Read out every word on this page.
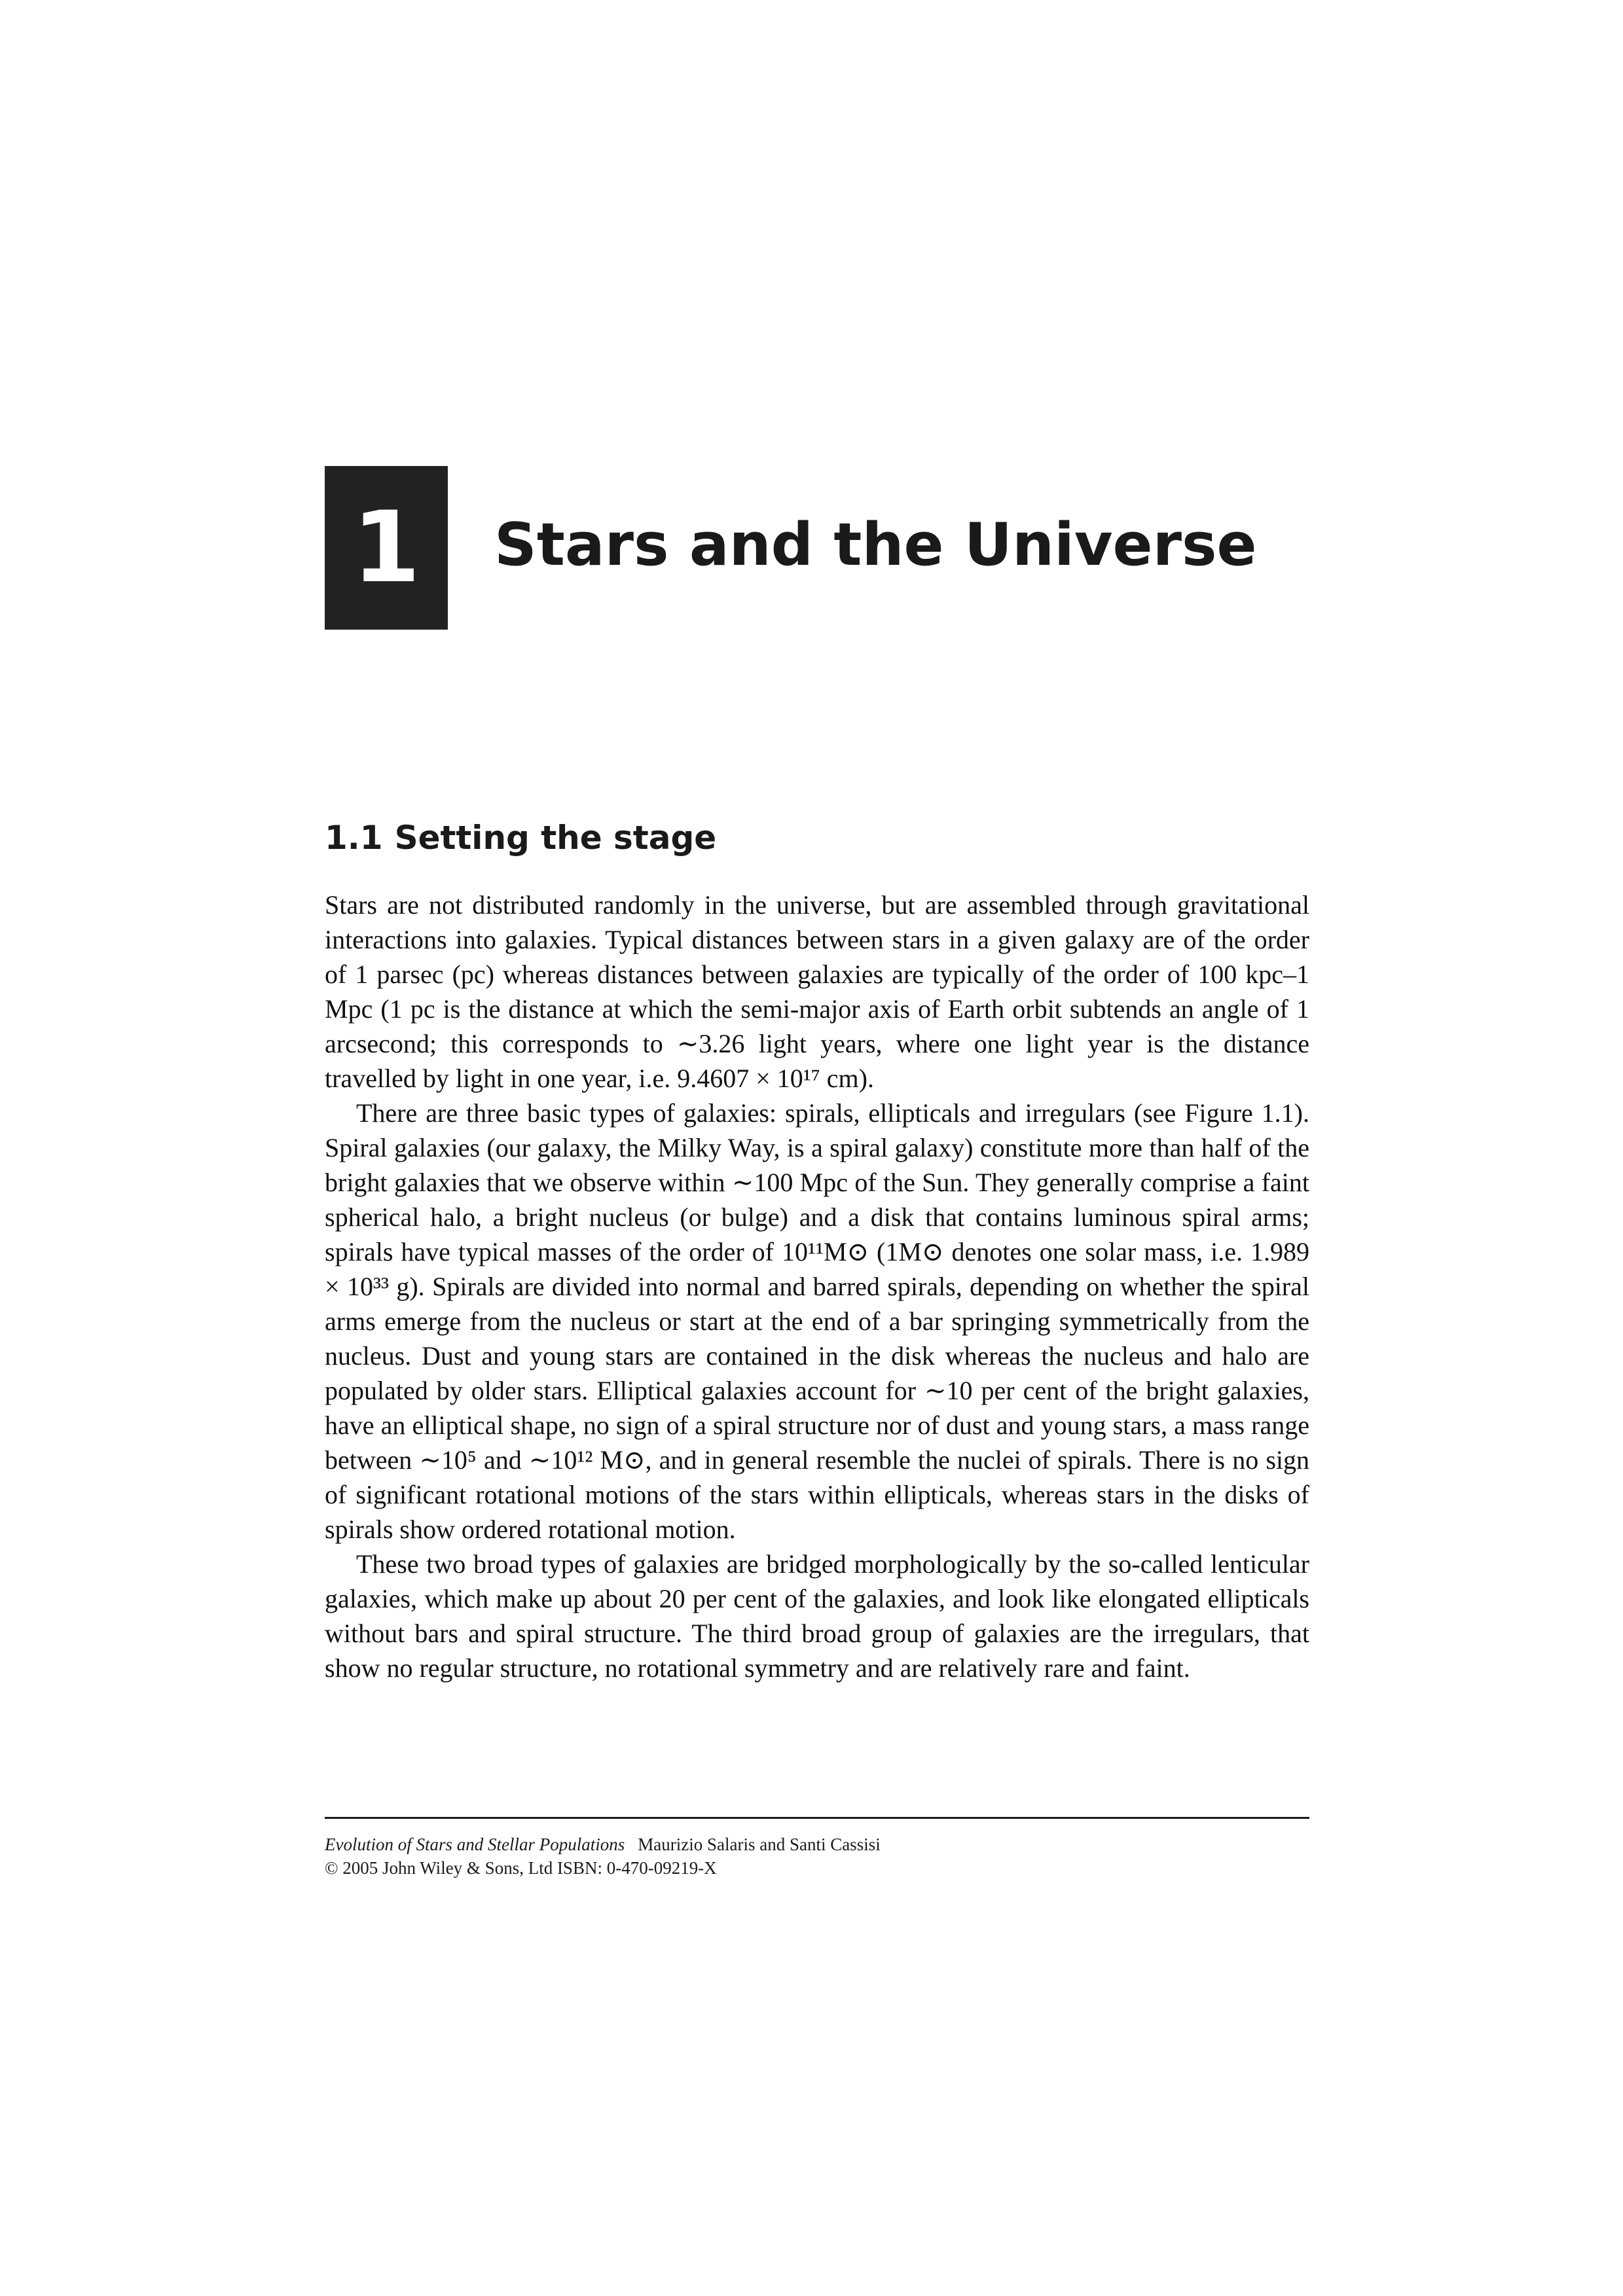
1	Stars and the Universe
1.1 Setting the stage

Stars are not distributed randomly in the universe, but are assembled through gravitational interactions into galaxies. Typical distances between stars in a given galaxy are of the order of 1 parsec (pc) whereas distances between galaxies are typically of the order of 100 kpc–1 Mpc (1 pc is the distance at which the semi-major axis of Earth orbit subtends an angle of 1 arcsecond; this corresponds to ∼3.26 light years, where one light year is the distance travelled by light in one year, i.e. 9.4607 × 10¹⁷ cm).

There are three basic types of galaxies: spirals, ellipticals and irregulars (see Figure 1.1). Spiral galaxies (our galaxy, the Milky Way, is a spiral galaxy) constitute more than half of the bright galaxies that we observe within ∼100 Mpc of the Sun. They generally comprise a faint spherical halo, a bright nucleus (or bulge) and a disk that contains luminous spiral arms; spirals have typical masses of the order of 10¹¹M⊙ (1M⊙ denotes one solar mass, i.e. 1.989 × 10³³ g). Spirals are divided into normal and barred spirals, depending on whether the spiral arms emerge from the nucleus or start at the end of a bar springing symmetrically from the nucleus. Dust and young stars are contained in the disk whereas the nucleus and halo are populated by older stars. Elliptical galaxies account for ∼10 per cent of the bright galaxies, have an elliptical shape, no sign of a spiral structure nor of dust and young stars, a mass range between ∼10⁵ and ∼10¹² M⊙, and in general resemble the nuclei of spirals. There is no sign of significant rotational motions of the stars within ellipticals, whereas stars in the disks of spirals show ordered rotational motion.

These two broad types of galaxies are bridged morphologically by the so-called lenticular galaxies, which make up about 20 per cent of the galaxies, and look like elongated ellipticals without bars and spiral structure. The third broad group of galaxies are the irregulars, that show no regular structure, no rotational symmetry and are relatively rare and faint.

Evolution of Stars and Stellar Populations Maurizio Salaris and Santi Cassisi
© 2005 John Wiley & Sons, Ltd ISBN: 0-470-09219-X
